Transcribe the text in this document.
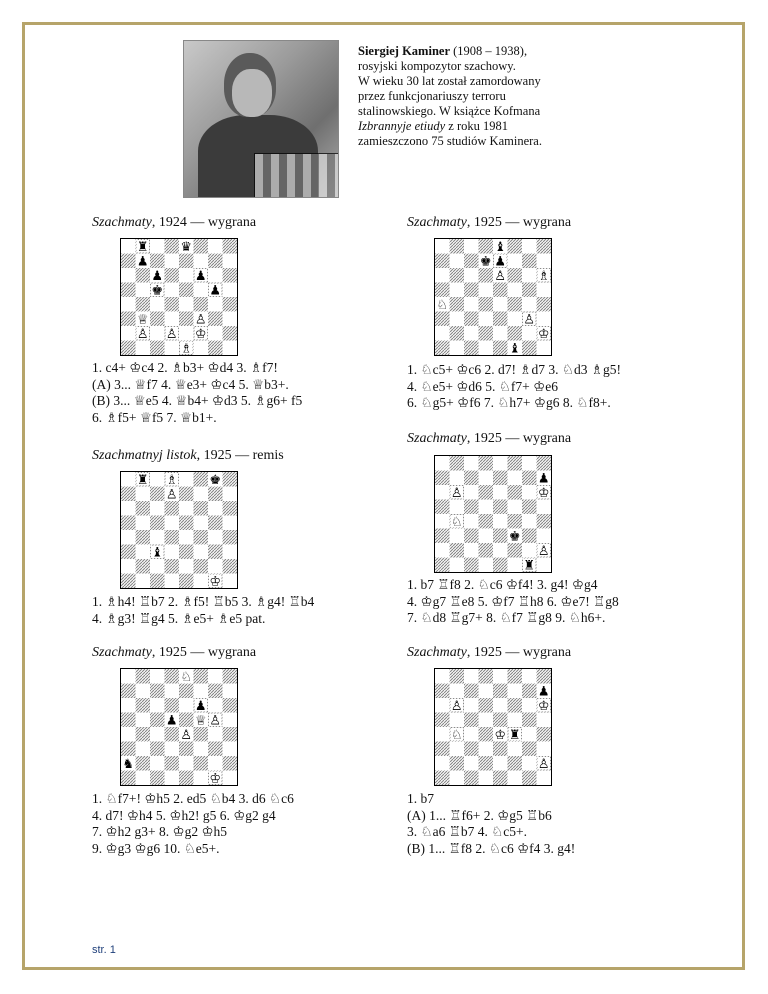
Siergiej Kaminer (1908 – 1938),
rosyjski kompozytor szachowy.
W wieku 30 lat został zamordowany
przez funkcjonariuszy terroru
stalinowskiego. W książce Kofmana
Izbrannyje etiudy z roku 1981
zamieszczono 75 studiów Kaminera.
Szachmaty, 1924 — wygrana
♜ ♛
♟
♟ ♟
♚	♟
♕	♙
♙ ♙ ♔
♗
1. c4+ ♔c4 2. ♗b3+ ♔d4 3. ♗f7!
(A) 3... ♕f7 4. ♕e3+ ♔c4 5. ♕b3+.
(B) 3... ♕e5 4. ♕b4+ ♔d3 5. ♗g6+ f5
6. ♗f5+ ♕f5 7. ♕b1+.
Szachmatnyj listok, 1925 — remis
♜ ♗ ♚
♙
♝
♔
1. ♗h4! ♖b7 2. ♗f5! ♖b5 3. ♗g4! ♖b4
4. ♗g3! ♖g4 5. ♗e5+ ♗e5 pat.
Szachmaty, 1925 — wygrana
♘
♟
♟ ♕ ♙
♙
♞
♔
1. ♘f7+! ♔h5 2. ed5 ♘b4 3. d6 ♘c6
4. d7! ♔h4 5. ♔h2! g5 6. ♔g2 g4
7. ♔h2 g3+ 8. ♔g2 ♔h5
9. ♔g3 ♔g6 10. ♘e5+.
Szachmaty, 1925 — wygrana
♝
♚ ♟
♙ ♗
♘
♙
♔
♝
1. ♘c5+ ♔c6 2. d7! ♗d7 3. ♘d3 ♗g5!
4. ♘e5+ ♔d6 5. ♘f7+ ♔e6
6. ♘g5+ ♔f6 7. ♘h7+ ♔g6 8. ♘f8+.
Szachmaty, 1925 — wygrana
♟
♙	♔
♘
♚
♙
♜
1. b7 ♖f8 2. ♘c6 ♔f4! 3. g4! ♔g4
4. ♔g7 ♖e8 5. ♔f7 ♖h8 6. ♔e7! ♖g8
7. ♘d8 ♖g7+ 8. ♘f7 ♖g8 9. ♘h6+.
Szachmaty, 1925 — wygrana
♟
♙	♔
♘ ♔ ♜
♙
1. b7
(A) 1... ♖f6+ 2. ♔g5 ♖b6
3. ♘a6 ♖b7 4. ♘c5+.
(B) 1... ♖f8 2. ♘c6 ♔f4 3. g4!
str. 1
